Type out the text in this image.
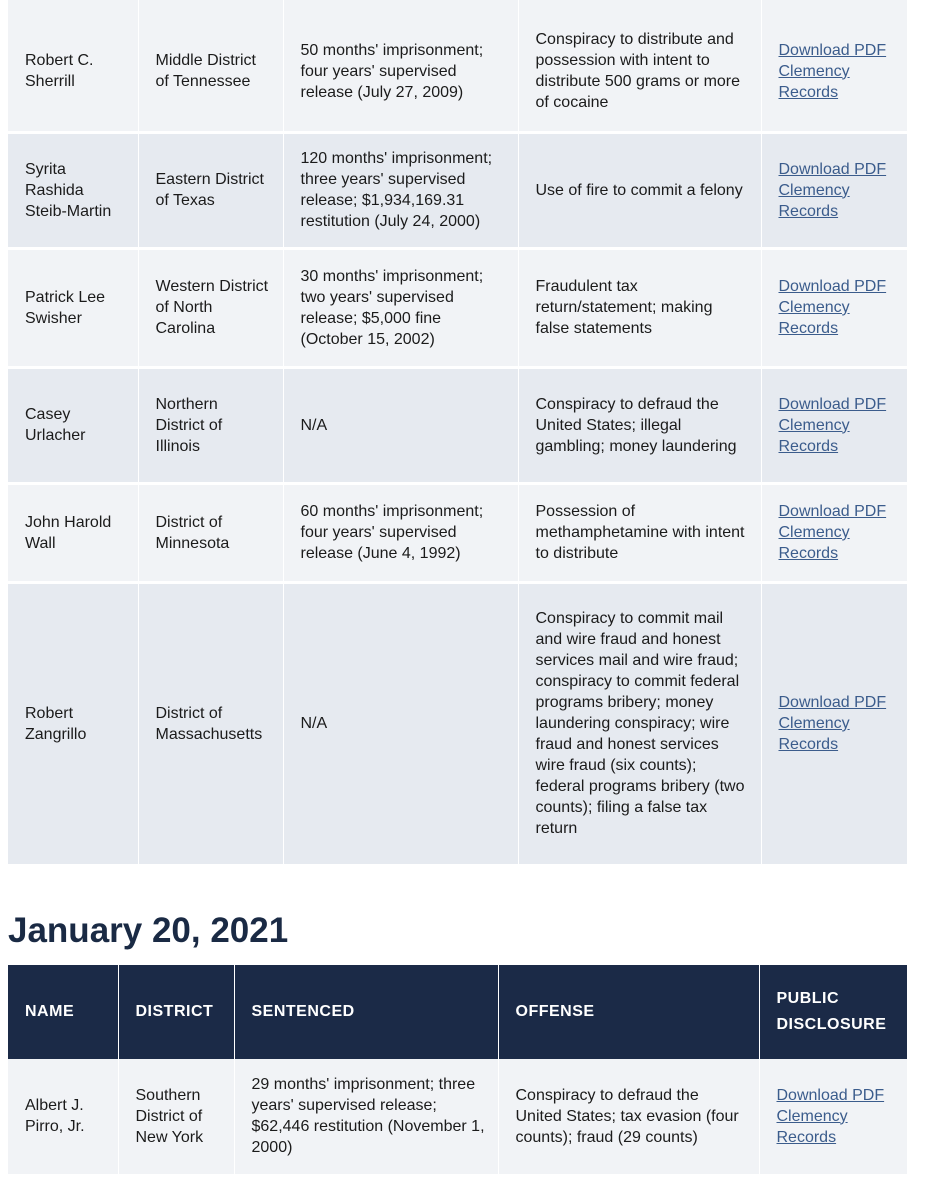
Robert C. Sherrill	Middle District of Tennessee	50 months' imprisonment; four years' supervised release (July 27, 2009)	Conspiracy to distribute and possession with intent to distribute 500 grams or more of cocaine	Download PDF Clemency Records

Syrita Rashida Steib-Martin	Eastern District of Texas	120 months' imprisonment; three years' supervised release; $1,934,169.31 restitution (July 24, 2000)	Use of fire to commit a felony	Download PDF Clemency Records

Patrick Lee Swisher	Western District of North Carolina	30 months' imprisonment; two years' supervised release; $5,000 fine (October 15, 2002)	Fraudulent tax return/statement; making false statements	Download PDF Clemency Records

Casey Urlacher	Northern District of Illinois	N/A	Conspiracy to defraud the United States; illegal gambling; money laundering	Download PDF Clemency Records

John Harold Wall	District of Minnesota	60 months' imprisonment; four years' supervised release (June 4, 1992)	Possession of methamphetamine with intent to distribute	Download PDF Clemency Records

Robert Zangrillo	District of Massachusetts	N/A	Conspiracy to commit mail and wire fraud and honest services mail and wire fraud; conspiracy to commit federal programs bribery; money laundering conspiracy; wire fraud and honest services wire fraud (six counts); federal programs bribery (two counts); filing a false tax return	Download PDF Clemency Records
January 20, 2021
NAME	DISTRICT	SENTENCED	OFFENSE	PUBLIC DISCLOSURE
Albert J. Pirro, Jr.	Southern District of New York	29 months' imprisonment; three years' supervised release; $62,446 restitution (November 1, 2000)	Conspiracy to defraud the United States; tax evasion (four counts); fraud (29 counts)	Download PDF Clemency Records
